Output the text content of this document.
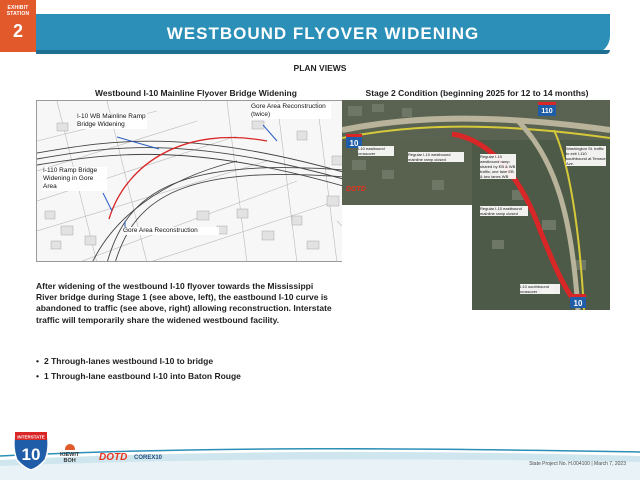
EXHIBIT
STATION
2	WESTBOUND FLYOVER WIDENING
PLAN VIEWS
Westbound I-10 Mainline Flyover Bridge Widening	Stage 2 Condition (beginning 2025 for 12 to 14 months)
I-10 WB Mainline Ramp Bridge Widening
Gore Area Reconstruction (twice)
I-110 Ramp Bridge Widening in Gore Area
Gore Area Reconstruction
10
110
10
I-10 eastbound crossover	Regular I-10 westbound mainline ramp closed
Regular I-10 westbound ramp shared by EB & WB traffic; one lane EB & two lanes WB
Washington St. traffic to exit I-110 southbound at Terrace Ave.
Regular I-10 eastbound mainline ramp closed
I-10 southbound crossover
DOTD
After widening of the westbound I-10 flyover towards the Mississippi River bridge during Stage 1 (see above, left), the eastbound I-10 curve is abandoned to traffic (see above, right) allowing reconstruction. Interstate traffic will temporarily share the widened westbound facility.
• 2 Through-lanes westbound I-10 to bridge
• 1 Through-lane eastbound I-10 into Baton Rouge
INTERSTATE
10	KIEWIT
BOH	DOTD COREX10
State Project No. H.004100 | March 7, 2023
